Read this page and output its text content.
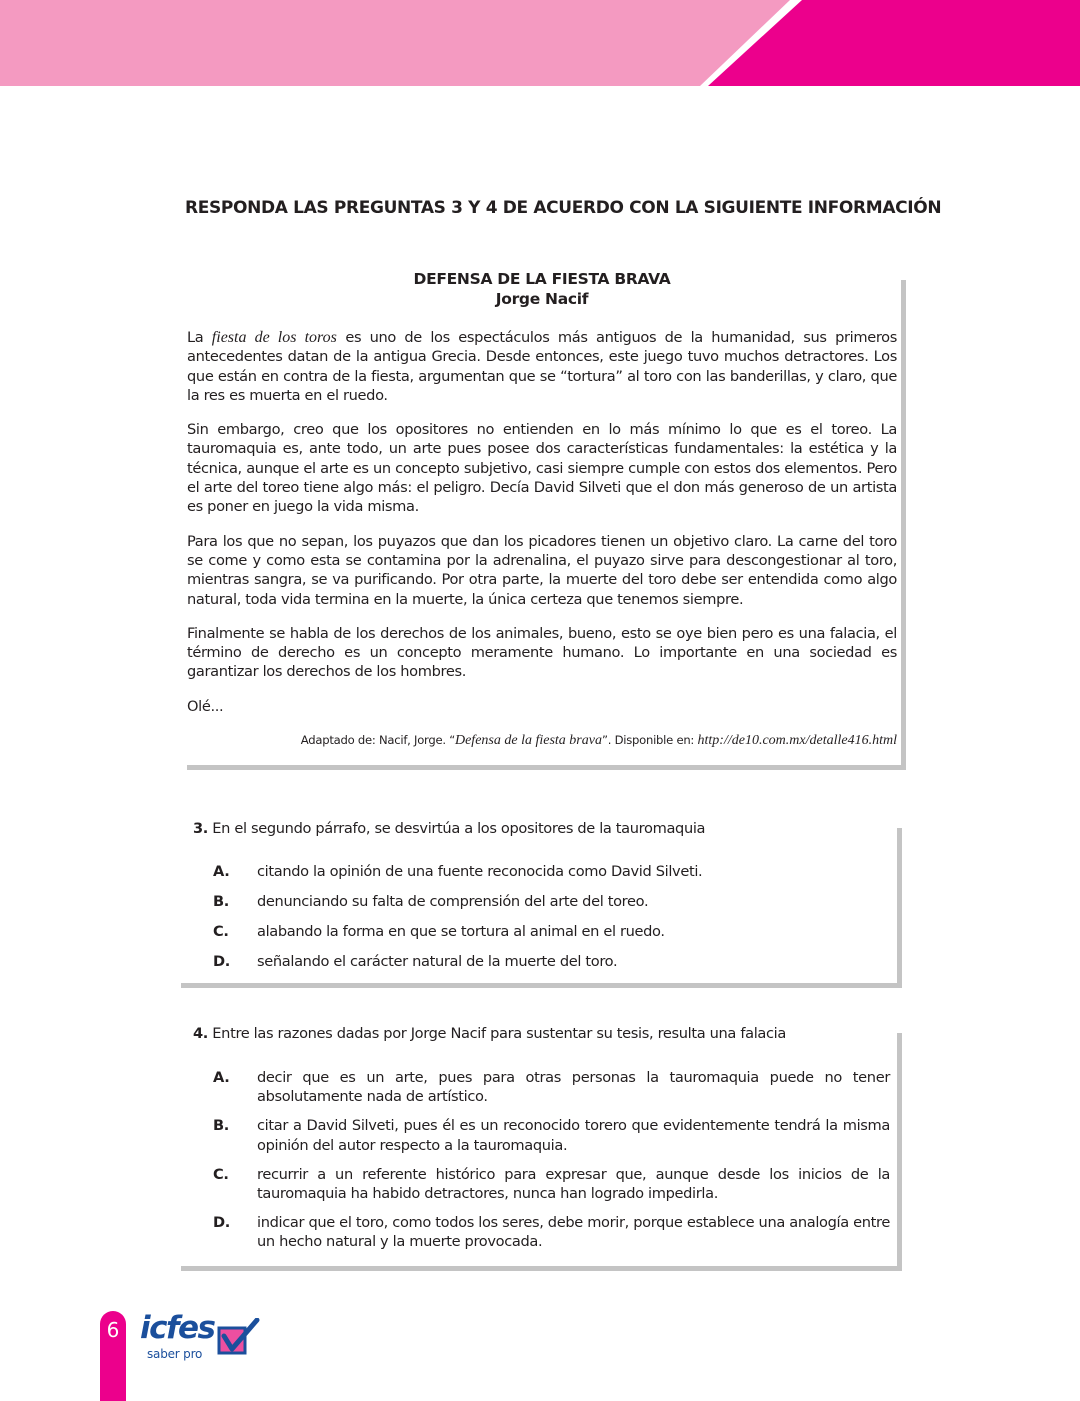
RESPONDA LAS PREGUNTAS 3 Y 4 DE ACUERDO CON LA SIGUIENTE INFORMACIÓN
DEFENSA DE LA FIESTA BRAVA
Jorge Nacif

La fiesta de los toros es uno de los espectáculos más antiguos de la humanidad, sus primeros antecedentes datan de la antigua Grecia. Desde entonces, este juego tuvo muchos detractores. Los que están en contra de la fiesta, argumentan que se “tortura” al toro con las banderillas, y claro, que la res es muerta en el ruedo.

Sin embargo, creo que los opositores no entienden en lo más mínimo lo que es el toreo. La tauromaquia es, ante todo, un arte pues posee dos características fundamentales: la estética y la técnica, aunque el arte es un concepto subjetivo, casi siempre cumple con estos dos elementos. Pero el arte del toreo tiene algo más: el peligro. Decía David Silveti que el don más generoso de un artista es poner en juego la vida misma.

Para los que no sepan, los puyazos que dan los picadores tienen un objetivo claro. La carne del toro se come y como esta se contamina por la adrenalina, el puyazo sirve para descongestionar al toro, mientras sangra, se va purificando. Por otra parte, la muerte del toro debe ser entendida como algo natural, toda vida termina en la muerte, la única certeza que tenemos siempre.

Finalmente se habla de los derechos de los animales, bueno, esto se oye bien pero es una falacia, el término de derecho es un concepto meramente humano. Lo importante en una sociedad es garantizar los derechos de los hombres.

Olé...

Adaptado de: Nacif, Jorge. “Defensa de la fiesta brava”. Disponible en: http://de10.com.mx/detalle416.html
3. En el segundo párrafo, se desvirtúa a los opositores de la tauromaquia
A.	citando la opinión de una fuente reconocida como David Silveti.
B.	denunciando su falta de comprensión del arte del toreo.
C.	alabando la forma en que se tortura al animal en el ruedo.
D.	señalando el carácter natural de la muerte del toro.
4. Entre las razones dadas por Jorge Nacif para sustentar su tesis, resulta una falacia
A.	decir que es un arte, pues para otras personas la tauromaquia puede no tener absolutamente nada de artístico.
B.	citar a David Silveti, pues él es un reconocido torero que evidentemente tendrá la misma opinión del autor respecto a la tauromaquia.
C.	recurrir a un referente histórico para expresar que, aunque desde los inicios de la tauromaquia ha habido detractores, nunca han logrado impedirla.
D.	indicar que el toro, como todos los seres, debe morir, porque establece una analogía entre un hecho natural y la muerte provocada.
6 icfes
saber pro
